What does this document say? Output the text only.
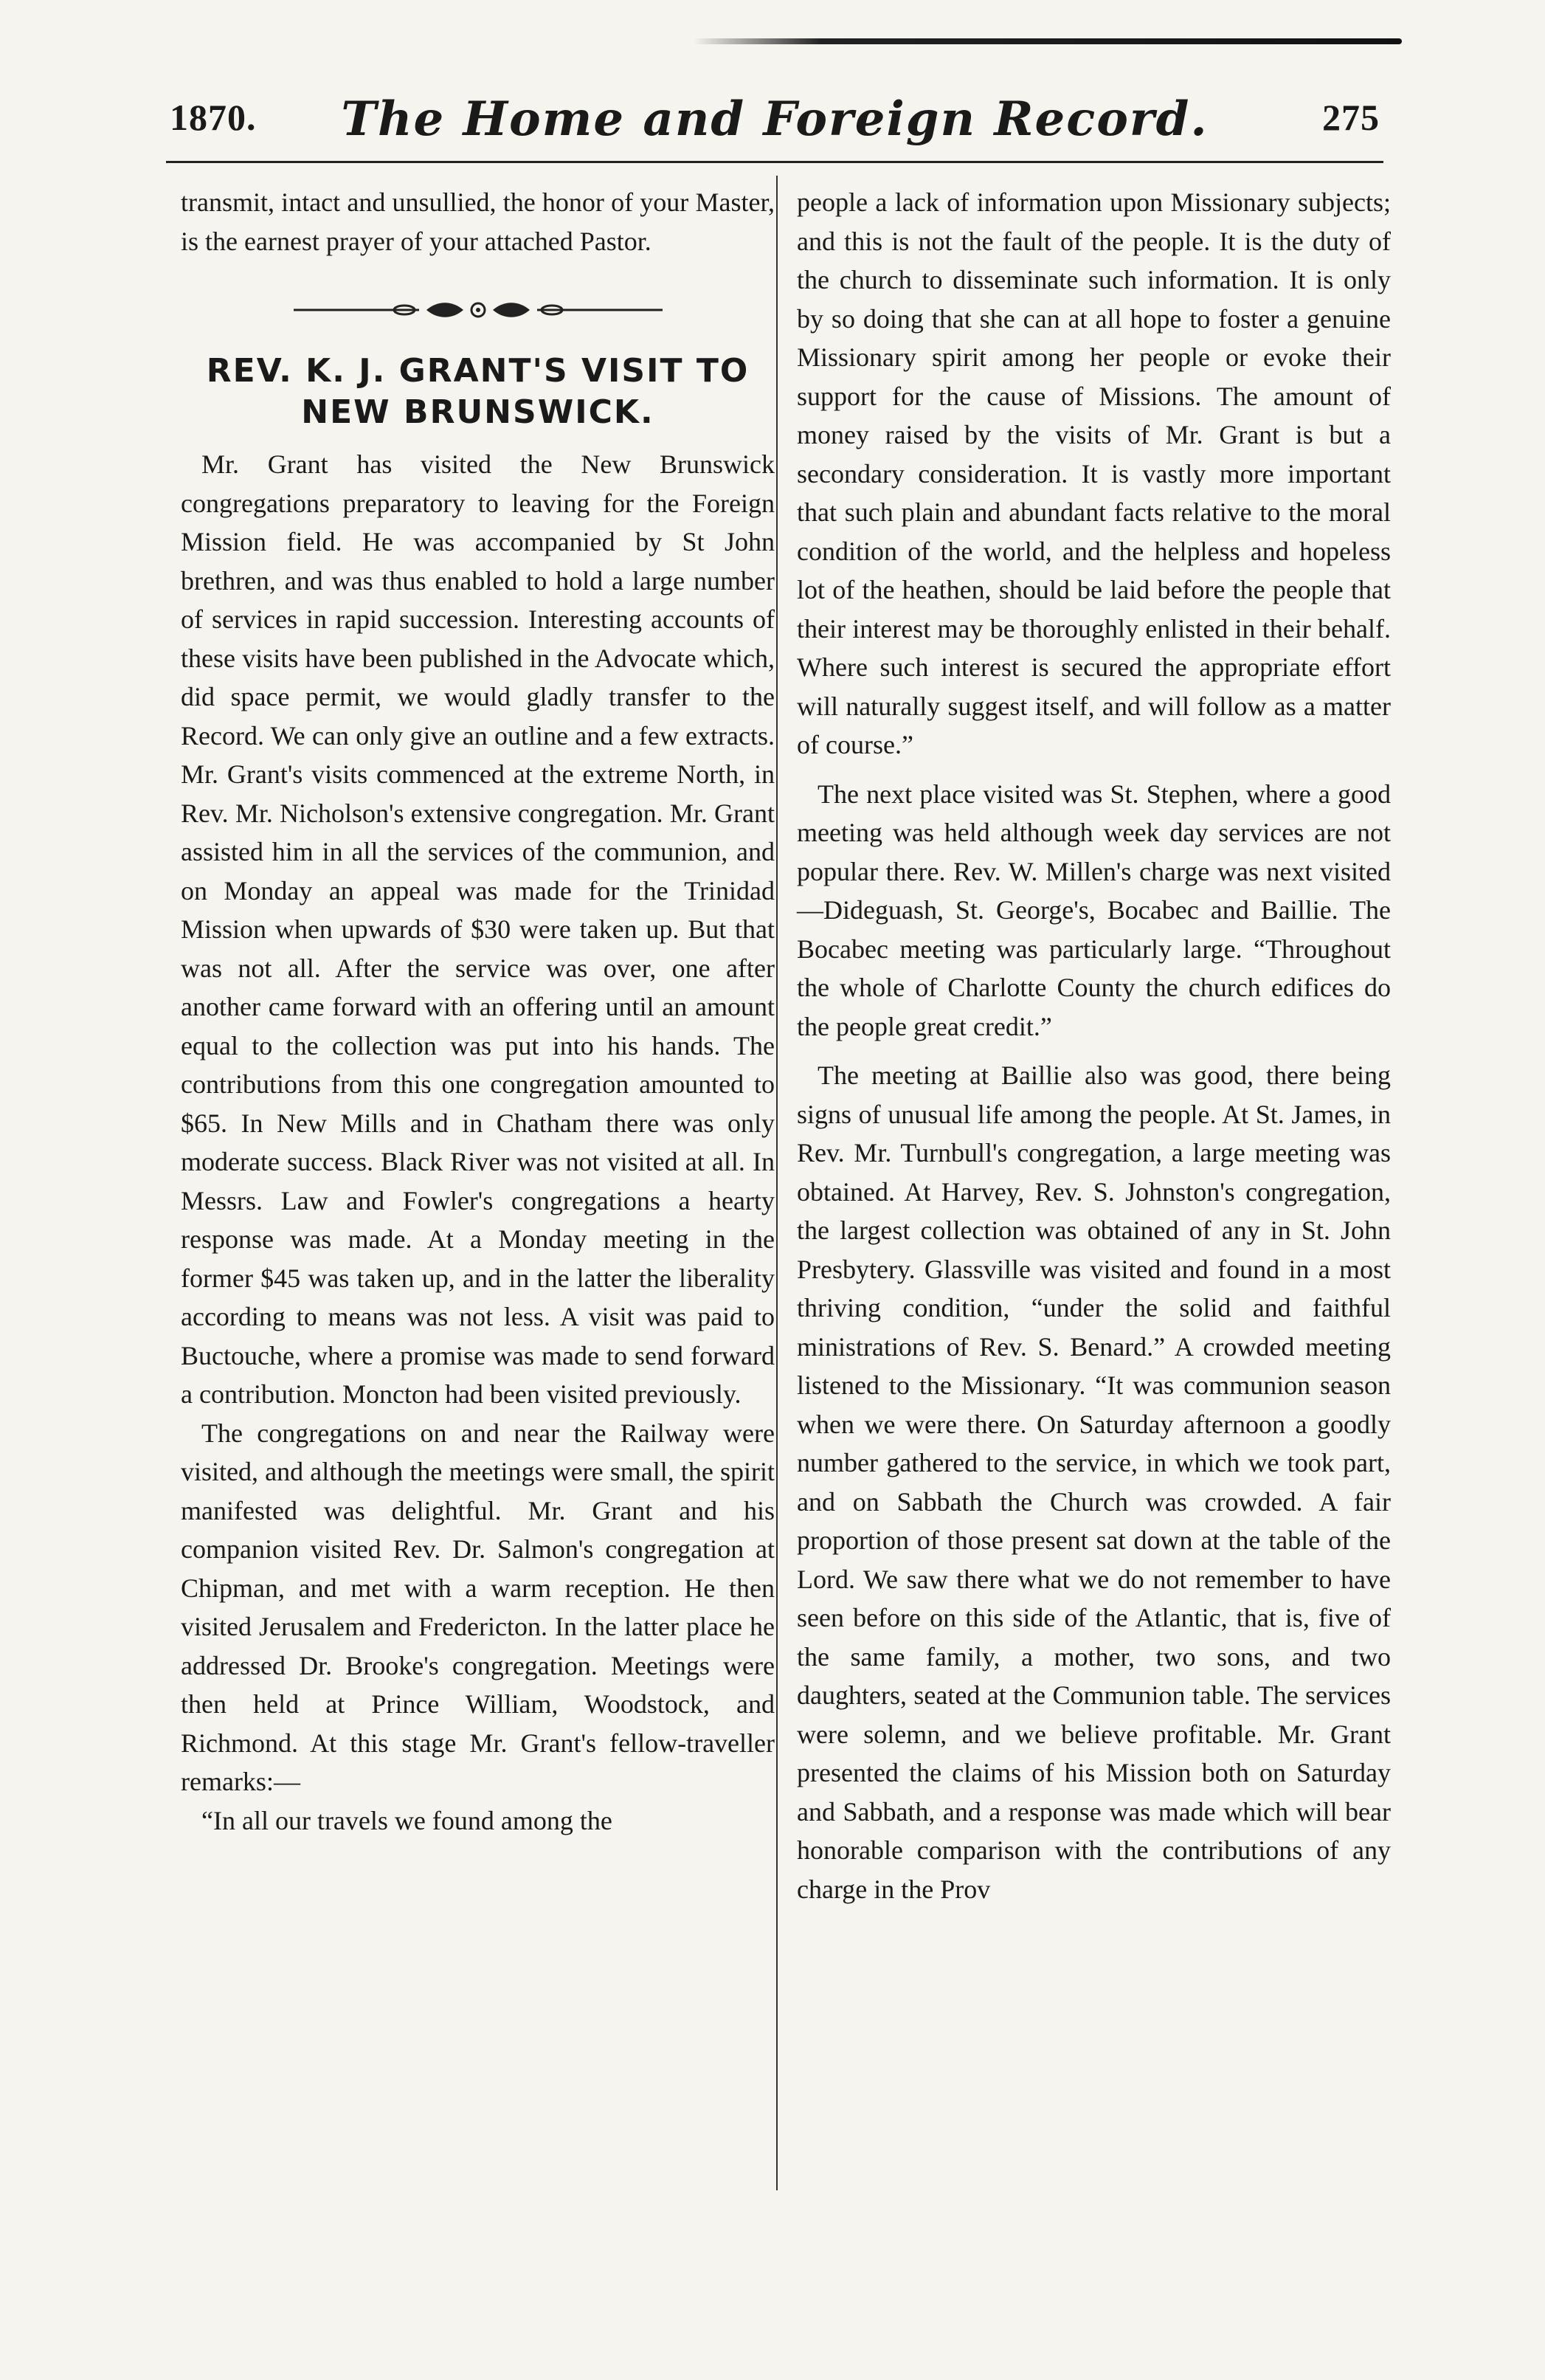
1870.	The Home and Foreign Record.	275

transmit, intact and unsullied, the honor of your Master, is the earnest prayer of your attached Pastor.

REV. K. J. GRANT'S VISIT TO NEW BRUNSWICK.

Mr. Grant has visited the New Brunswick congregations preparatory to leaving for the Foreign Mission field. He was accompanied by St John brethren, and was thus enabled to hold a large number of services in rapid succession. Interesting accounts of these visits have been published in the Advocate which, did space permit, we would gladly transfer to the Record. We can only give an outline and a few extracts. Mr. Grant's visits commenced at the extreme North, in Rev. Mr. Nicholson's extensive congregation. Mr. Grant assisted him in all the services of the communion, and on Monday an appeal was made for the Trinidad Mission when upwards of $30 were taken up. But that was not all. After the service was over, one after another came forward with an offering until an amount equal to the collection was put into his hands. The contributions from this one congregation amounted to $65. In New Mills and in Chatham there was only moderate success. Black River was not visited at all. In Messrs. Law and Fowler's congregations a hearty response was made. At a Monday meeting in the former $45 was taken up, and in the latter the liberality according to means was not less. A visit was paid to Buctouche, where a promise was made to send forward a contribution. Moncton had been visited previously.

The congregations on and near the Railway were visited, and although the meetings were small, the spirit manifested was delightful. Mr. Grant and his companion visited Rev. Dr. Salmon's congregation at Chipman, and met with a warm reception. He then visited Jerusalem and Fredericton. In the latter place he addressed Dr. Brooke's congregation. Meetings were then held at Prince William, Woodstock, and Richmond. At this stage Mr. Grant's fellow-traveller remarks:—

“In all our travels we found among the

people a lack of information upon Missionary subjects; and this is not the fault of the people. It is the duty of the church to disseminate such information. It is only by so doing that she can at all hope to foster a genuine Missionary spirit among her people or evoke their support for the cause of Missions. The amount of money raised by the visits of Mr. Grant is but a secondary consideration. It is vastly more important that such plain and abundant facts relative to the moral condition of the world, and the helpless and hopeless lot of the heathen, should be laid before the people that their interest may be thoroughly enlisted in their behalf. Where such interest is secured the appropriate effort will naturally suggest itself, and will follow as a matter of course.”

The next place visited was St. Stephen, where a good meeting was held although week day services are not popular there. Rev. W. Millen's charge was next visited—Dideguash, St. George's, Bocabec and Baillie. The Bocabec meeting was particularly large. “Throughout the whole of Charlotte County the church edifices do the people great credit.”

The meeting at Baillie also was good, there being signs of unusual life among the people. At St. James, in Rev. Mr. Turnbull's congregation, a large meeting was obtained. At Harvey, Rev. S. Johnston's congregation, the largest collection was obtained of any in St. John Presbytery. Glassville was visited and found in a most thriving condition, “under the solid and faithful ministrations of Rev. S. Benard.” A crowded meeting listened to the Missionary. “It was communion season when we were there. On Saturday afternoon a goodly number gathered to the service, in which we took part, and on Sabbath the Church was crowded. A fair proportion of those present sat down at the table of the Lord. We saw there what we do not remember to have seen before on this side of the Atlantic, that is, five of the same family, a mother, two sons, and two daughters, seated at the Communion table. The services were solemn, and we believe profitable. Mr. Grant presented the claims of his Mission both on Saturday and Sabbath, and a response was made which will bear honorable comparison with the contributions of any charge in the Prov
